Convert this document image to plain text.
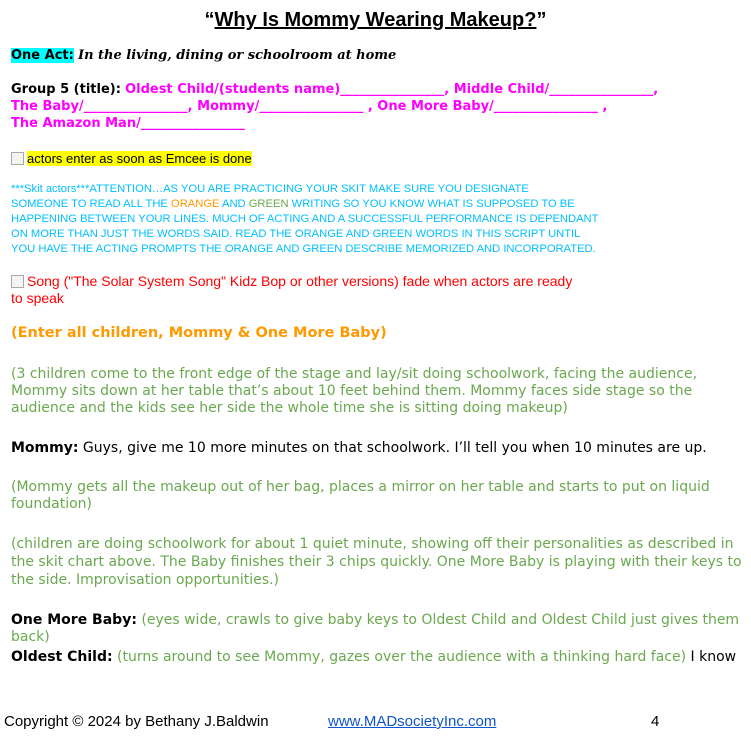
“Why Is Mommy Wearing Makeup?”
One Act: In the living, dining or schoolroom at home
Group 5 (title): Oldest Child/(students name)________________, Middle Child/________________,
The Baby/________________, Mommy/________________ , One More Baby/________________ ,
The Amazon Man/________________
actors enter as soon as Emcee is done
***Skit actors***ATTENTION…AS YOU ARE PRACTICING YOUR SKIT MAKE SURE YOU DESIGNATE
SOMEONE TO READ ALL THE ORANGE AND GREEN WRITING SO YOU KNOW WHAT IS SUPPOSED TO BE
HAPPENING BETWEEN YOUR LINES. MUCH OF ACTING AND A SUCCESSFUL PERFORMANCE IS DEPENDANT
ON MORE THAN JUST THE WORDS SAID. READ THE ORANGE AND GREEN WORDS IN THIS SCRIPT UNTIL
YOU HAVE THE ACTING PROMPTS THE ORANGE AND GREEN DESCRIBE MEMORIZED AND INCORPORATED.
Song ("The Solar System Song" Kidz Bop or other versions) fade when actors are ready
to speak
(Enter all children, Mommy & One More Baby)
(3 children come to the front edge of the stage and lay/sit doing schoolwork, facing the audience,
Mommy sits down at her table that’s about 10 feet behind them. Mommy faces side stage so the
audience and the kids see her side the whole time she is sitting doing makeup)
Mommy: Guys, give me 10 more minutes on that schoolwork. I’ll tell you when 10 minutes are up.
(Mommy gets all the makeup out of her bag, places a mirror on her table and starts to put on liquid
foundation)
(children are doing schoolwork for about 1 quiet minute, showing off their personalities as described in
the skit chart above. The Baby finishes their 3 chips quickly. One More Baby is playing with their keys to
the side. Improvisation opportunities.)
One More Baby: (eyes wide, crawls to give baby keys to Oldest Child and Oldest Child just gives them
back)
Oldest Child: (turns around to see Mommy, gazes over the audience with a thinking hard face) I know
Copyright © 2024 by Bethany J.Baldwin	www.MADsocietyInc.com	4
